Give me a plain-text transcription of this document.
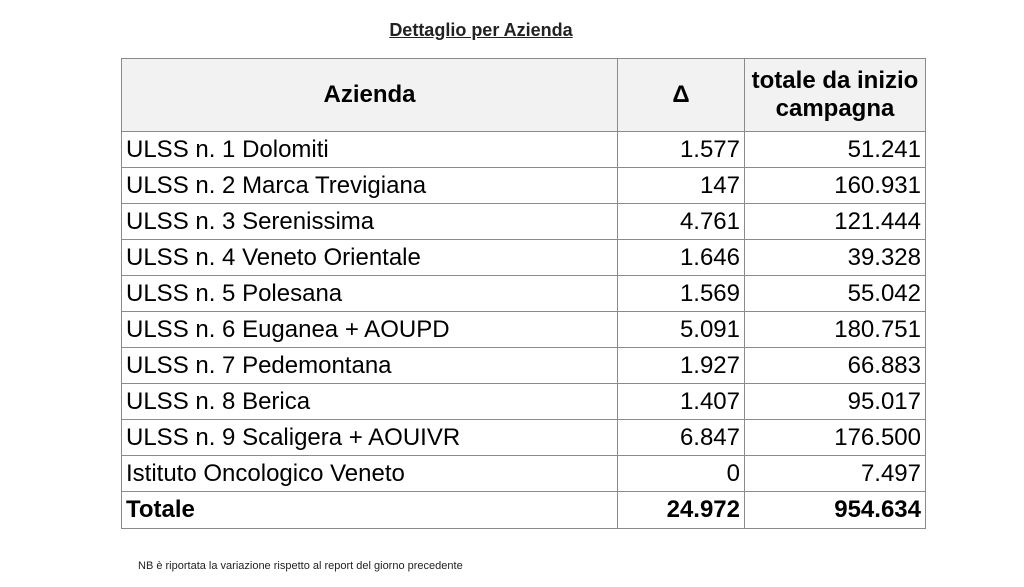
Dettaglio per Azienda
Azienda	Δ	totale da inizio campagna
ULSS n. 1 Dolomiti	1.577	51.241
ULSS n. 2 Marca Trevigiana	147	160.931
ULSS n. 3 Serenissima	4.761	121.444
ULSS n. 4 Veneto Orientale	1.646	39.328
ULSS n. 5 Polesana	1.569	55.042
ULSS n. 6 Euganea + AOUPD	5.091	180.751
ULSS n. 7 Pedemontana	1.927	66.883
ULSS n. 8 Berica	1.407	95.017
ULSS n. 9 Scaligera + AOUIVR	6.847	176.500
Istituto Oncologico Veneto	0	7.497
Totale	24.972	954.634
NB è riportata la variazione rispetto al report del giorno precedente
